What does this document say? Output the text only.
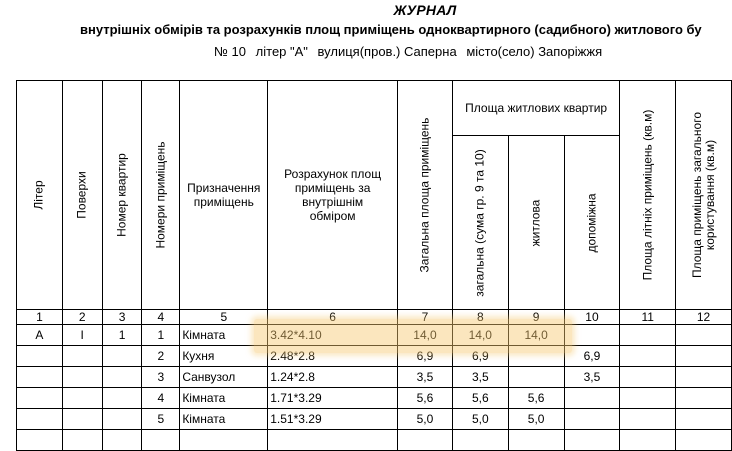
ЖУРНАЛ
внутрішніх обмірів та розрахунків площ приміщень одноквартирного (садибного) житлового бу
№ 10 літер "А" вулиця(пров.) Саперна місто(село) Запоріжжя
Літер	Поверхи	Номер квартир	Номери приміщень	Призначення приміщень	Розрахунок площ приміщень за внутрішнім обміром	Загальна площа приміщень	Площа житлових квартир			Площа літніх приміщень (кв.м)	Площа приміщень загального користування (кв.м)

							загальна (сума гр. 9 та 10)	житлова	допоміжна		

1	2	3	4	5	6	7	8	9	10	11	12
А	I	1	1	Кімната	3.42*4.10	14,0	14,0	14,0			
			2	Кухня	2.48*2.8	6,9	6,9		6,9		
			3	Санвузол	1.24*2.8	3,5	3,5		3,5		
			4	Кімната	1.71*3.29	5,6	5,6	5,6			
			5	Кімната	1.51*3.29	5,0	5,0	5,0			
